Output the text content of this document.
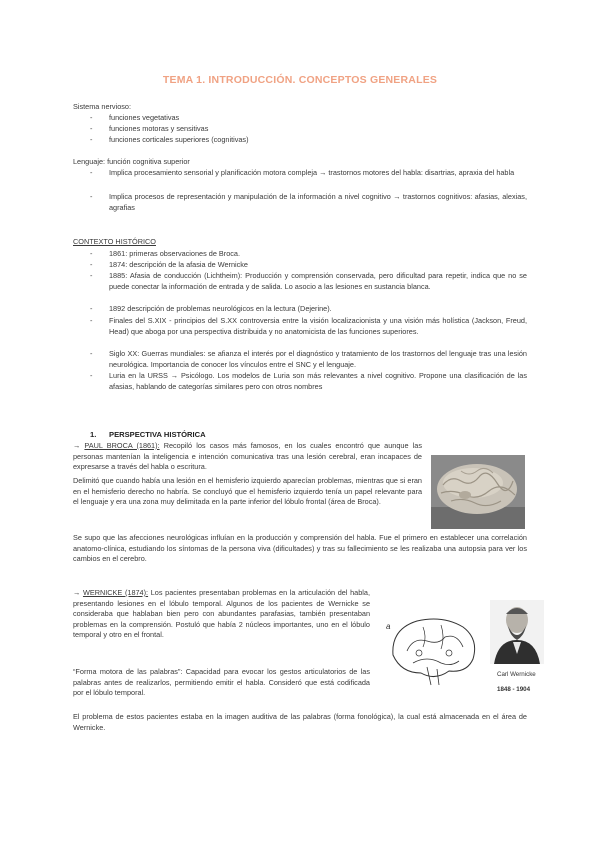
TEMA 1. INTRODUCCIÓN. CONCEPTOS GENERALES
Sistema nervioso:
- funciones vegetativas
- funciones motoras y sensitivas
- funciones corticales superiores (cognitivas)
Lenguaje: función cognitiva superior
- Implica procesamiento sensorial y planificación motora compleja → trastornos motores del habla: disartrias, apraxia del habla
- Implica procesos de representación y manipulación de la información a nivel cognitivo → trastornos cognitivos: afasias, alexias, agrafias
CONTEXTO HISTÓRICO
- 1861: primeras observaciones de Broca.
- 1874: descripción de la afasia de Wernicke
- 1885: Afasia de conducción (Lichtheim): Producción y comprensión conservada, pero dificultad para repetir, indica que no se puede conectar la información de entrada y de salida. Lo asocio a las lesiones en sustancia blanca.
- 1892 descripción de problemas neurológicos en la lectura (Dejerine).
- Finales del S.XIX - principios del S.XX controversia entre la visión localizacionista y una visión más holística (Jackson, Freud, Head) que aboga por una perspectiva distribuida y no anatomicista de las funciones superiores.
- Siglo XX: Guerras mundiales: se afianza el interés por el diagnóstico y tratamiento de los trastornos del lenguaje tras una lesión neurológica. Importancia de conocer los vínculos entre el SNC y el lenguaje.
- Luria en la URSS → Psicólogo. Los modelos de Luria son más relevantes a nivel cognitivo. Propone una clasificación de las afasias, hablando de categorías similares pero con otros nombres
1. PERSPECTIVA HISTÓRICA
→ PAUL BROCA (1861): Recopiló los casos más famosos, en los cuales encontró que aunque las personas mantenían la inteligencia e intención comunicativa tras una lesión cerebral, eran incapaces de expresarse a través del habla o escritura.
Delimitó que cuando había una lesión en el hemisferio izquierdo aparecían problemas, mientras que si eran en el hemisferio derecho no habría. Se concluyó que el hemisferio izquierdo tenía un papel relevante para el lenguaje y era una zona muy delimitada en la parte inferior del lóbulo frontal (área de Broca).
Se supo que las afecciones neurológicas influían en la producción y comprensión del habla. Fue el primero en establecer una correlación anatomo-clínica, estudiando los síntomas de la persona viva (dificultades) y tras su fallecimiento se les realizaba una autopsia para ver los cambios en el cerebro.
→ WERNICKE (1874): Los pacientes presentaban problemas en la articulación del habla, presentando lesiones en el lóbulo temporal. Algunos de los pacientes de Wernicke se consideraba que hablaban bien pero con abundantes parafasias, también presentaban problemas en la comprensión. Postuló que había 2 núcleos importantes, uno en el lóbulo temporal y otro en el frontal.
a
Carl Wernicke
1848 - 1904
“Forma motora de las palabras”: Capacidad para evocar los gestos articulatorios de las palabras antes de realizarlos, permitiendo emitir el habla. Consideró que está codificada por el lóbulo temporal.
El problema de estos pacientes estaba en la imagen auditiva de las palabras (forma fonológica), la cual está almacenada en el área de Wernicke.
